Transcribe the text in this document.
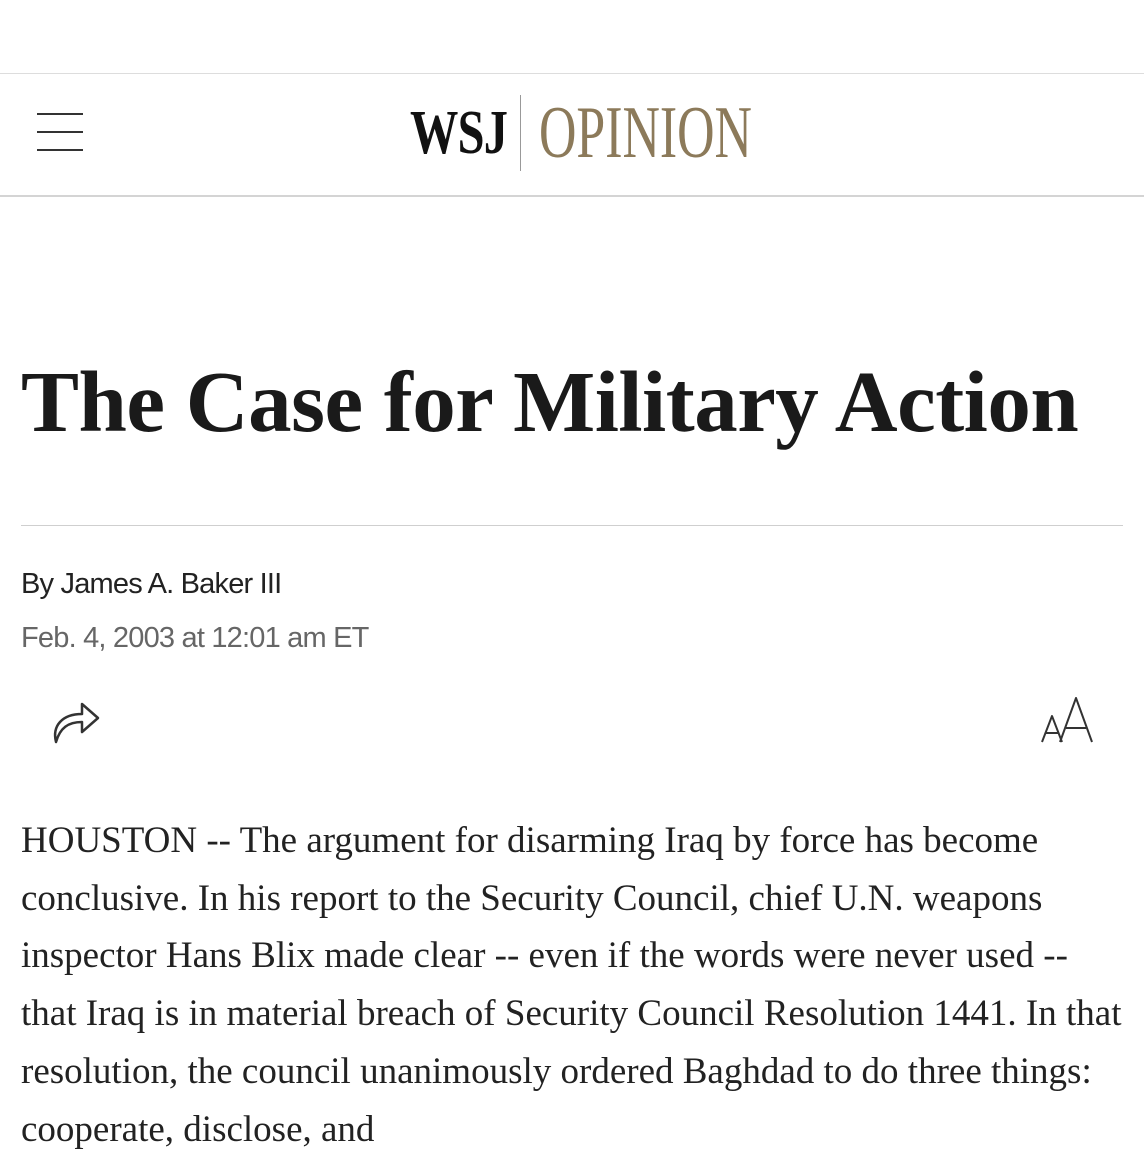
WSJ OPINION
The Case for Military Action
By James A. Baker III
Feb. 4, 2003 at 12:01 am ET

HOUSTON -- The argument for disarming Iraq by force has become conclusive. In his report to the Security Council, chief U.N. weapons inspector Hans Blix made clear -- even if the words were never used -- that Iraq is in material breach of Security Council Resolution 1441. In that resolution, the council unanimously ordered Baghdad to do three things: cooperate, disclose, and
